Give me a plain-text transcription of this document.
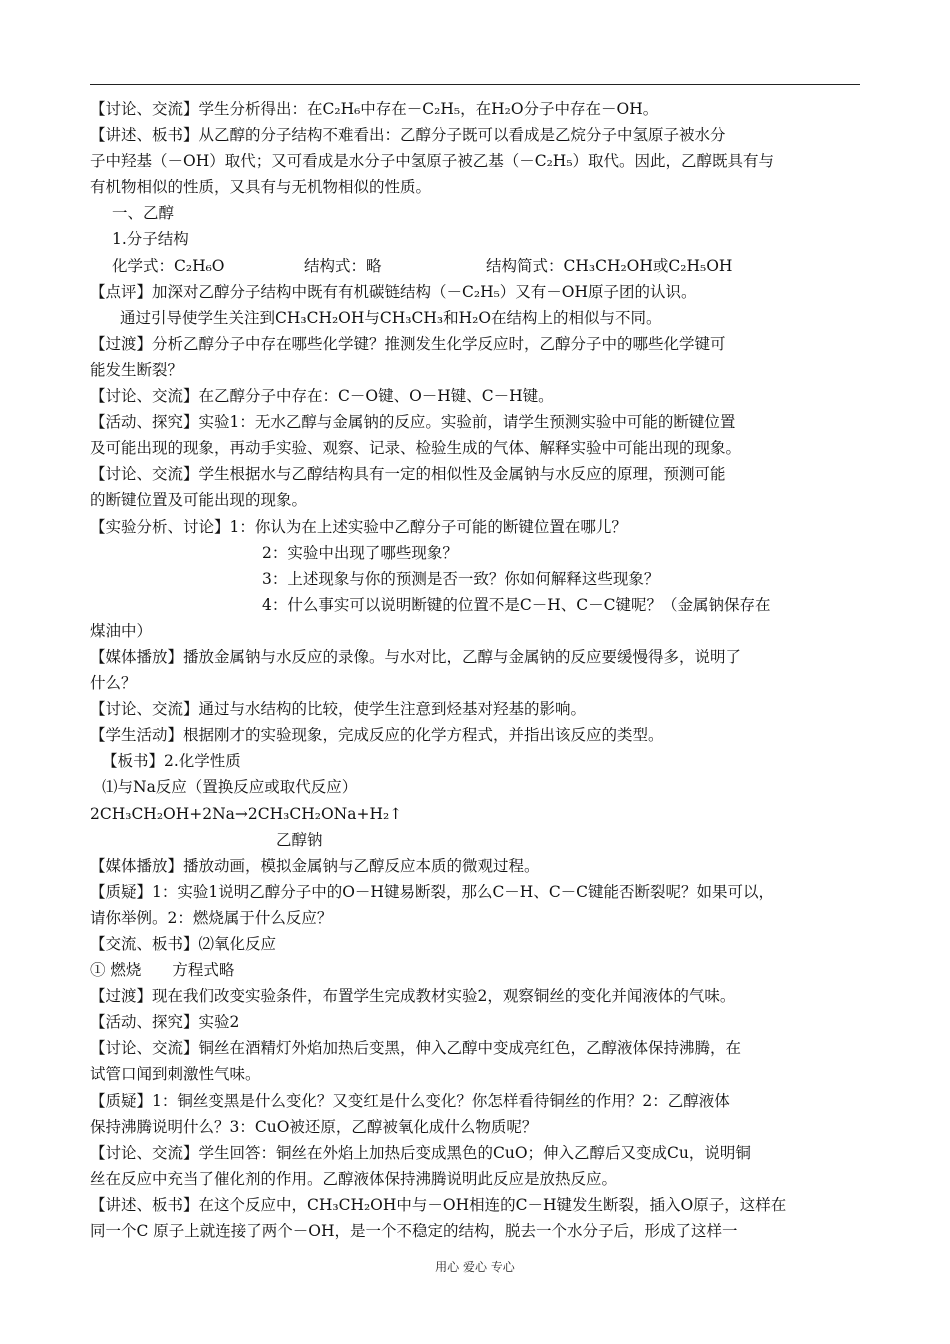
【讨论、交流】学生分析得出：在C₂H₆中存在－C₂H₅，在H₂O分子中存在－OH。

【讲述、板书】从乙醇的分子结构不难看出：乙醇分子既可以看成是乙烷分子中氢原子被水分

子中羟基（－OH）取代；又可看成是水分子中氢原子被乙基（－C₂H₅）取代。因此，乙醇既具有与

有机物相似的性质，又具有与无机物相似的性质。

一、乙醇

1.分子结构

化学式：C₂H₆O	结构式：略	结构简式：CH₃CH₂OH或C₂H₅OH

【点评】加深对乙醇分子结构中既有有机碳链结构（－C₂H₅）又有－OH原子团的认识。

通过引导使学生关注到CH₃CH₂OH与CH₃CH₃和H₂O在结构上的相似与不同。

【过渡】分析乙醇分子中存在哪些化学键？推测发生化学反应时，乙醇分子中的哪些化学键可

能发生断裂？

【讨论、交流】在乙醇分子中存在：C－O键、O－H键、C－H键。

【活动、探究】实验1：无水乙醇与金属钠的反应。实验前，请学生预测实验中可能的断键位置

及可能出现的现象，再动手实验、观察、记录、检验生成的气体、解释实验中可能出现的现象。

【讨论、交流】学生根据水与乙醇结构具有一定的相似性及金属钠与水反应的原理，预测可能

的断键位置及可能出现的现象。

【实验分析、讨论】1：你认为在上述实验中乙醇分子可能的断键位置在哪儿？

2：实验中出现了哪些现象？

3：上述现象与你的预测是否一致？你如何解释这些现象？

4：什么事实可以说明断键的位置不是C－H、C－C键呢？（金属钠保存在

煤油中）

【媒体播放】播放金属钠与水反应的录像。与水对比，乙醇与金属钠的反应要缓慢得多，说明了

什么？

【讨论、交流】通过与水结构的比较，使学生注意到烃基对羟基的影响。

【学生活动】根据刚才的实验现象，完成反应的化学方程式，并指出该反应的类型。

【板书】2.化学性质

⑴与Na反应（置换反应或取代反应）

2CH₃CH₂OH+2Na→2CH₃CH₂ONa+H₂↑

乙醇钠

【媒体播放】播放动画，模拟金属钠与乙醇反应本质的微观过程。

【质疑】1：实验1说明乙醇分子中的O－H键易断裂，那么C－H、C－C键能否断裂呢？如果可以，

请你举例。2：燃烧属于什么反应？

【交流、板书】⑵氧化反应

① 燃烧　　方程式略

【过渡】现在我们改变实验条件，布置学生完成教材实验2，观察铜丝的变化并闻液体的气味。

【活动、探究】实验2

【讨论、交流】铜丝在酒精灯外焰加热后变黑，伸入乙醇中变成亮红色，乙醇液体保持沸腾，在

试管口闻到刺激性气味。

【质疑】1：铜丝变黑是什么变化？又变红是什么变化？你怎样看待铜丝的作用？2：乙醇液体

保持沸腾说明什么？3：CuO被还原，乙醇被氧化成什么物质呢？

【讨论、交流】学生回答：铜丝在外焰上加热后变成黑色的CuO；伸入乙醇后又变成Cu，说明铜

丝在反应中充当了催化剂的作用。乙醇液体保持沸腾说明此反应是放热反应。

【讲述、板书】在这个反应中，CH₃CH₂OH中与－OH相连的C－H键发生断裂，插入O原子，这样在

同一个C 原子上就连接了两个－OH，是一个不稳定的结构，脱去一个水分子后，形成了这样一

用心 爱心 专心
